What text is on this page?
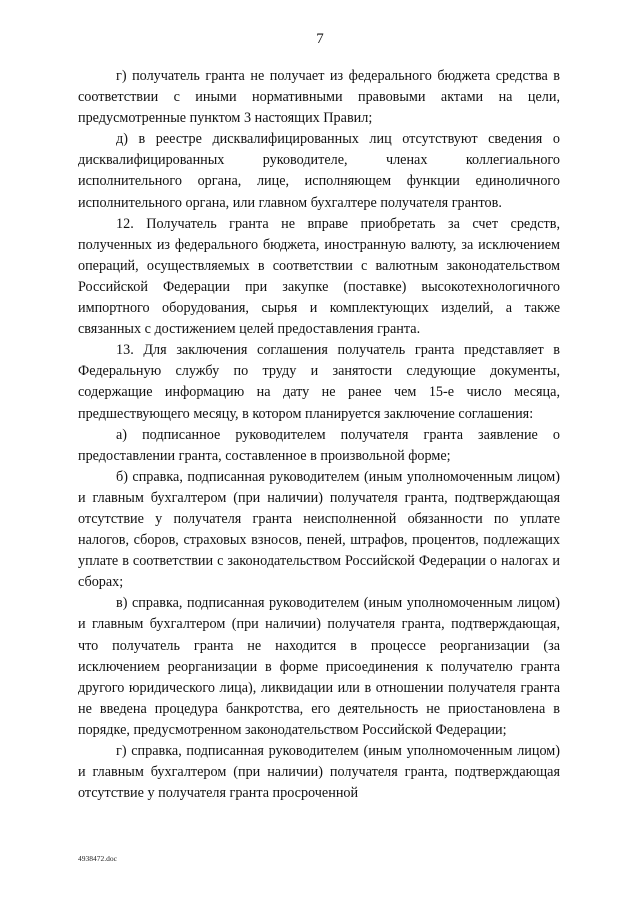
7

г) получатель гранта не получает из федерального бюджета средства в соответствии с иными нормативными правовыми актами на цели, предусмотренные пунктом 3 настоящих Правил;

д) в реестре дисквалифицированных лиц отсутствуют сведения о дисквалифицированных руководителе, членах коллегиального исполнительного органа, лице, исполняющем функции единоличного исполнительного органа, или главном бухгалтере получателя грантов.

12. Получатель гранта не вправе приобретать за счет средств, полученных из федерального бюджета, иностранную валюту, за исключением операций, осуществляемых в соответствии с валютным законодательством Российской Федерации при закупке (поставке) высокотехнологичного импортного оборудования, сырья и комплектующих изделий, а также связанных с достижением целей предоставления гранта.

13. Для заключения соглашения получатель гранта представляет в Федеральную службу по труду и занятости следующие документы, содержащие информацию на дату не ранее чем 15-е число месяца, предшествующего месяцу, в котором планируется заключение соглашения:

а) подписанное руководителем получателя гранта заявление о предоставлении гранта, составленное в произвольной форме;

б) справка, подписанная руководителем (иным уполномоченным лицом) и главным бухгалтером (при наличии) получателя гранта, подтверждающая отсутствие у получателя гранта неисполненной обязанности по уплате налогов, сборов, страховых взносов, пеней, штрафов, процентов, подлежащих уплате в соответствии с законодательством Российской Федерации о налогах и сборах;

в) справка, подписанная руководителем (иным уполномоченным лицом) и главным бухгалтером (при наличии) получателя гранта, подтверждающая, что получатель гранта не находится в процессе реорганизации (за исключением реорганизации в форме присоединения к получателю гранта другого юридического лица), ликвидации или в отношении получателя гранта не введена процедура банкротства, его деятельность не приостановлена в порядке, предусмотренном законодательством Российской Федерации;

г) справка, подписанная руководителем (иным уполномоченным лицом) и главным бухгалтером (при наличии) получателя гранта, подтверждающая отсутствие у получателя гранта просроченной

4938472.doc
